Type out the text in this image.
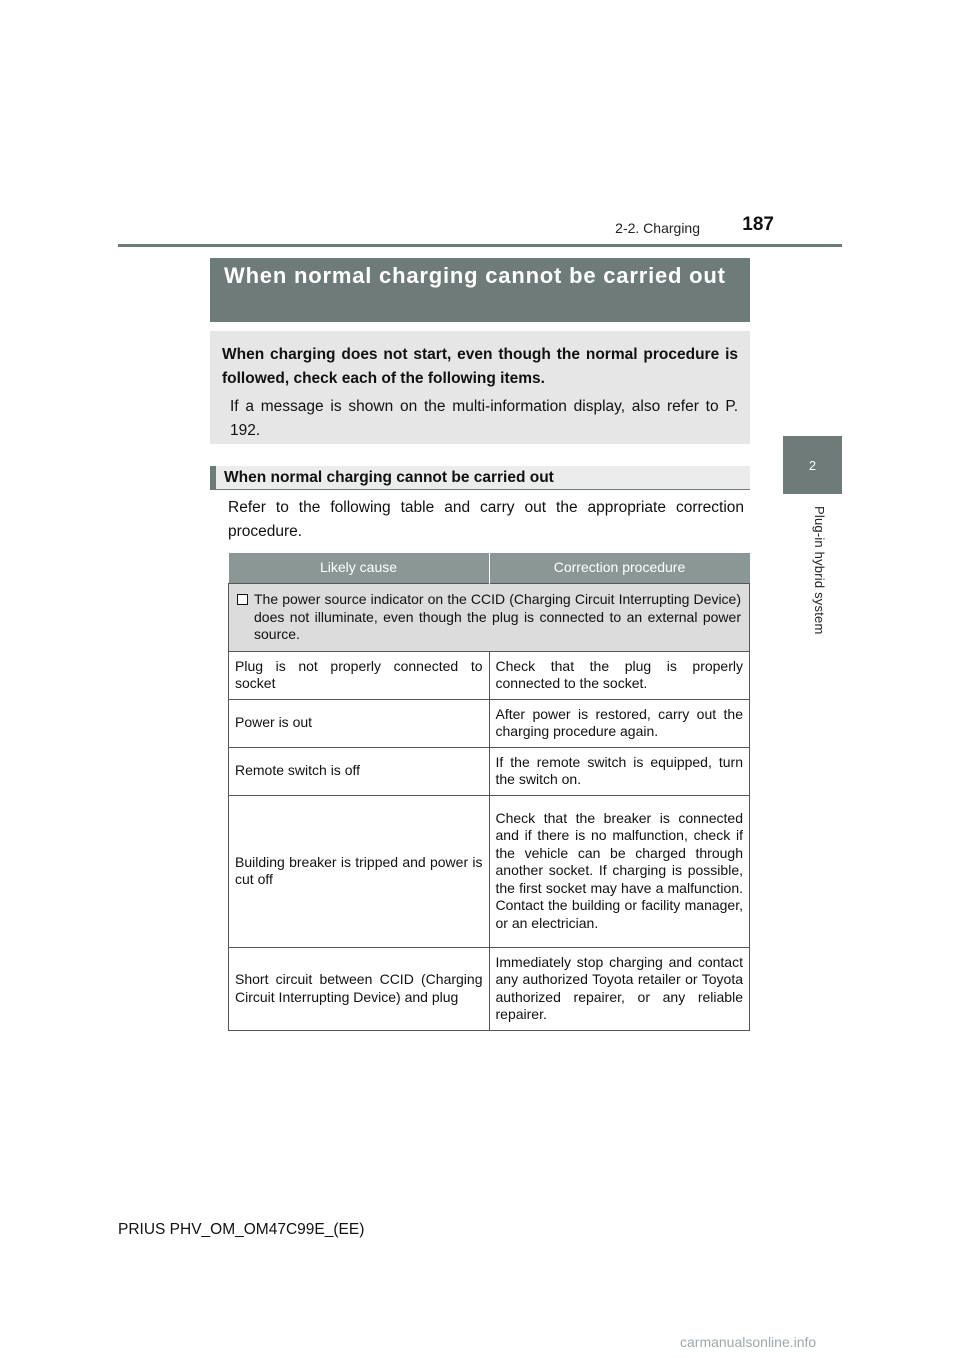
2-2. Charging	187
2
Plug-in hybrid system
When normal charging cannot be carried out
When charging does not start, even though the normal procedure is followed, check each of the following items.
If a message is shown on the multi-information display, also refer to P. 192.
When normal charging cannot be carried out
Refer to the following table and carry out the appropriate correction procedure.
Likely cause	Correction procedure

The power source indicator on the CCID (Charging Circuit Interrupting Device) does not illuminate, even though the plug is connected to an external power source.	

Plug is not properly connected to socket	Check that the plug is properly connected to the socket.
Power is out	After power is restored, carry out the charging procedure again.
Remote switch is off	If the remote switch is equipped, turn the switch on.
Building breaker is tripped and power is cut off	Check that the breaker is connected and if there is no malfunction, check if the vehicle can be charged through another socket. If charging is possible, the first socket may have a malfunction. Contact the building or facility manager, or an electrician.
Short circuit between CCID (Charging Circuit Interrupting Device) and plug	Immediately stop charging and contact any authorized Toyota retailer or Toyota authorized repairer, or any reliable repairer.
PRIUS PHV_OM_OM47C99E_(EE)
carmanualsonline.info
